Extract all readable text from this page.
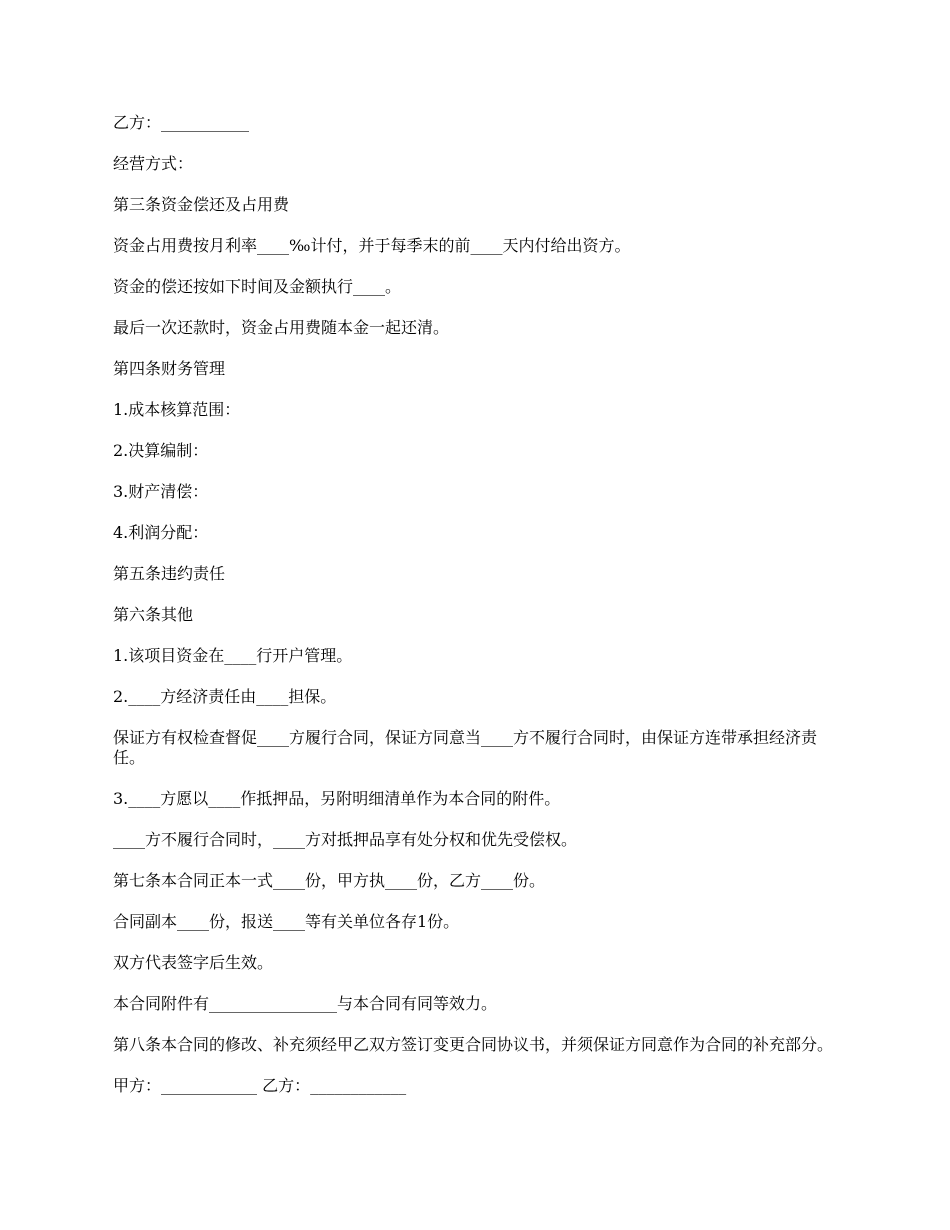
乙方：___________

经营方式：

第三条资金偿还及占用费

资金占用费按月利率____‰计付，并于每季末的前____天内付给出资方。

资金的偿还按如下时间及金额执行____。

最后一次还款时，资金占用费随本金一起还清。

第四条财务管理

1.成本核算范围：

2.决算编制：

3.财产清偿：

4.利润分配：

第五条违约责任

第六条其他

1.该项目资金在____行开户管理。

2.____方经济责任由____担保。

保证方有权检查督促____方履行合同，保证方同意当____方不履行合同时，由保证方连带承担经济责任。

3.____方愿以____作抵押品，另附明细清单作为本合同的附件。

____方不履行合同时，____方对抵押品享有处分权和优先受偿权。

第七条本合同正本一式____份，甲方执____份，乙方____份。

合同副本____份，报送____等有关单位各存1份。

双方代表签字后生效。

本合同附件有________________与本合同有同等效力。

第八条本合同的修改、补充须经甲乙双方签订变更合同协议书，并须保证方同意作为合同的补充部分。

甲方：____________ 乙方：____________
